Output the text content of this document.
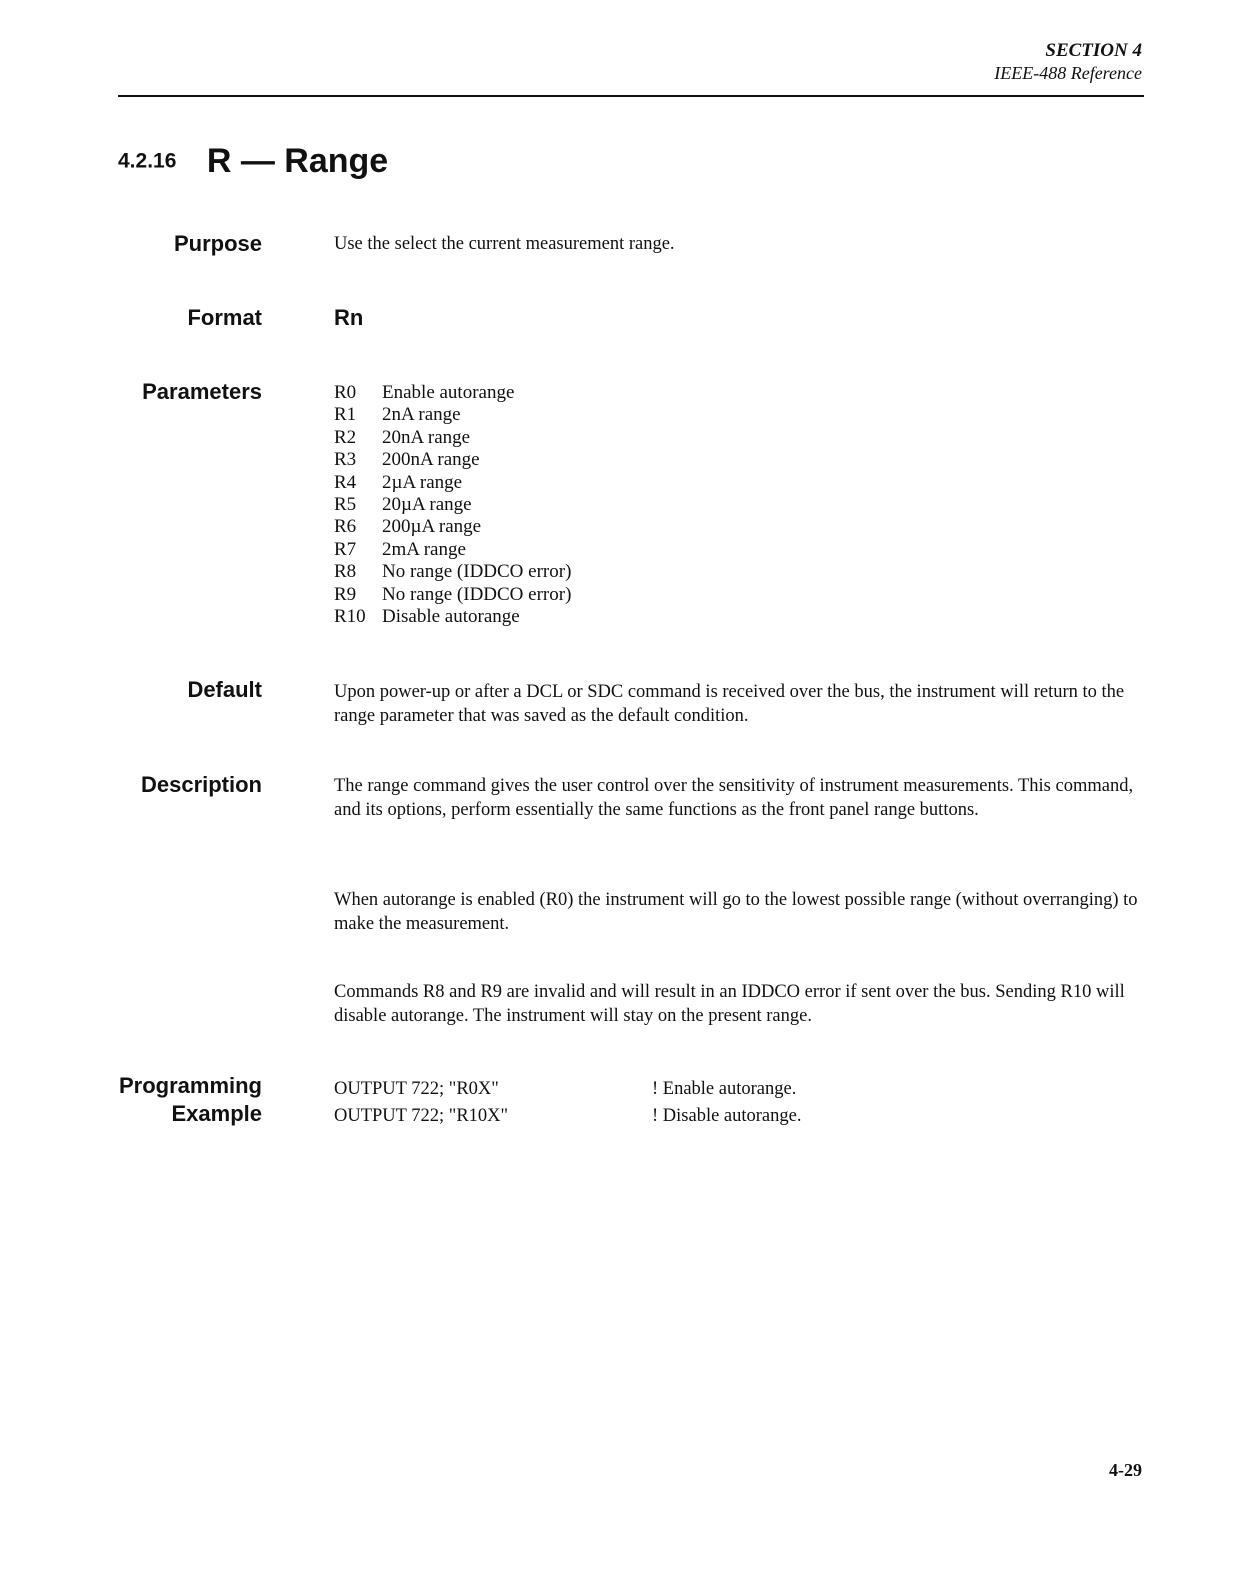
SECTION 4
IEEE-488 Reference
4.2.16 R — Range
Purpose	Use the select the current measurement range.
Format	Rn
Parameters	R0 Enable autorange
R1 2nA range
R2 20nA range
R3 200nA range
R4 2µA range
R5 20µA range
R6 200µA range
R7 2mA range
R8 No range (IDDCO error)
R9 No range (IDDCO error)
R10 Disable autorange
Default	Upon power-up or after a DCL or SDC command is received over the bus, the instrument will return to the range parameter that was saved as the default condition.
Description	The range command gives the user control over the sensitivity of instrument measurements. This command, and its options, perform essentially the same functions as the front panel range buttons.
When autorange is enabled (R0) the instrument will go to the lowest possible range (without overranging) to make the measurement.
Commands R8 and R9 are invalid and will result in an IDDCO error if sent over the bus. Sending R10 will disable autorange. The instrument will stay on the present range.
Programming
Example
OUTPUT 722; "R0X"	! Enable autorange.
OUTPUT 722; "R10X"	! Disable autorange.
4-29
